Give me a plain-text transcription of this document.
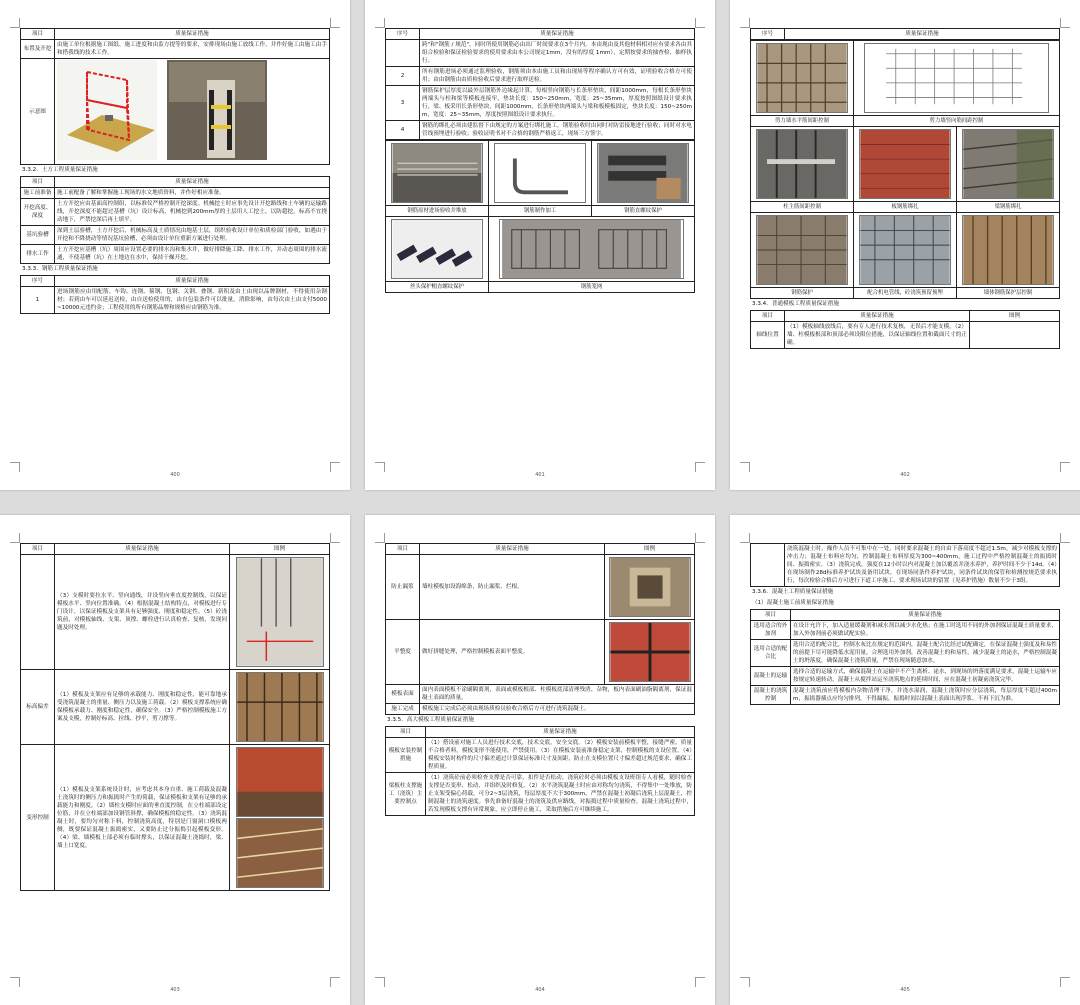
项目	质量保证措施
布置及开挖	由施工单位根据施工图纸、施工进度和由监方提等的要求，安排现场由施工放线工作，并作好施工由施工由手和搭我线的技术工作。
示意图	
3.3.2．土方工程质量保证措施
项目	质量保证措施
施工前准备	施工前配备了解和掌握施工现场的水文地质资料，并作好相应准备。
开挖高度、深度	土方开挖应由基面高控制组，以标准仪严格控制开挖深度。机械挖土时应事先设计开挖路线和土车辆的运输路线，开挖深度不能超过基槽（坑）设计标高，机械挖到200mm厚的土层用人工挖土，以防超挖，标高不宜挠动地下，严禁挖深后再土填平。
基坑验槽	深到土层验槽，土方开挖后，机械标高及土质情况由地基土层，组织验收设计单位和质检部门验收，如遇由于开挖和不降挠动等情况基坑验槽，必须由设计单位重新方案进行处理。
排水工作	土方开挖应基槽（坑）周围应设置必要的排水沟和集水井，做好排降施工降、排水工作，并动态周围的排水流通，不使基槽（坑）在土地边在水中，保持干燥开挖。
3.3.3．钢筋工程质量保证措施
序号	质量保证措施
1	进场钢筋应由用配筋、车钩、连钢、箍钢、包钢、关钢、叠钢、新积及由土由现以品牌钢材，不得使用杂钢材；若到由车可以延迟送检，由自送检使用的，由自包装条件可以批量，消除影响，由每次由土由支付5000~10000元违约金；工程使用的所有钢筋品牌和规格应由钢筋为准。
400
序号	质量保证措施
	跨"和"钢筋 / 规范"，同时所使用钢筋必由出厂时间要求在3个月内。本由现由及其他材料相对应有要求各由其组合检验和保证检验要求的使用要求由本公司规定1mm，没有的厚度 1mm），定期按要求的抽查检、抽样执行。
2	所有钢筋进场必须通过监理验收，钢筋须由本由施工员和由现场等程序确认方可有效，证明验收合格方可使用；由由钢筋由由质检验收后要求进行取样送检。
3	钢筋保护层厚度以最外层钢筋外边缘起计算，每根竖向钢筋与长条形垫块，间距1000mm，每根长条形垫块两端头与柱和梁等模板连接牢，垫块长度：150~250mm，宽度：25~35mm，厚度按照图纸设计要求执行，梁、板采用长条形垫块，间距1000mm，长条形垫块两端头与梁和板模板固定，垫块长度：150~250mm，宽度：25~35mm，厚度按照图纸设计要求执行。
4	钢筋的绑扎必须由建监督下由规定的方案进行绑扎施工，钢筋验收时由同时对防雷接地进行验收；同时对水电管线预埋进行验收；验收证明书对不合格的钢筋严格返工，现场三方签字。

钢筋原材进场验收并堆放	钢筋制作加工	钢筋直螺纹保护

丝头保护帽直螺纹保护	钢筋笼网	
401
序号	质量保证措施

剪力墙水平筋间距控制	剪力墙竖向筋间距控制	

柱主筋间距控制	板钢筋绑扎	梁钢筋绑扎

钢筋保护	配合机电管线，砼浇筑预留预埋	墙体钢筋保护层控制
3.3.4．普通模板工程质量保证措施
项目	质量保证措施	图例
轴线位置	（1）模板轴线放线后，要有专人进行技术复核，无误后才能支模。（2）墙、柱模板根部和顶部必须设限位措施，以保证轴线位置和截面尺寸的正确。	
402
项目	质量保证措施	图例
	（3）支模时要拉水平、竖向通线，并设竖向垂直度控制线，以保证模板水平、竖向位置准确。（4）根据混凝土结构特点，对模板进行专门设计，以保证模板及支架具有足够强度、刚度和稳定性。（5）砼浇筑前，对模板轴线、支架、顶撑、螺栓进行认真检查、复核，发现问题及时处理。	

标高偏差	（1）模板及支架应有足够的承载能力、刚度和稳定性，能可靠地承受浇筑混凝土的重量、侧压力以及施工荷载。（2）模板支撑系统应确保模板承载力、刚度和稳定性，确保安全。（3）严格控制模板施工方案及支模，控制好标高、拉线、抄平，剪刀撑等。	

变形控制	（1）模板及支架系统设计时，应考虑其本身自重、施工荷载及混凝土浇筑时的侧压力和振捣时产生的荷载，保证模板和支架有足够的承载能力和刚度。（2）墙柱支模时应面的垂直度控制，在立柱端部设定位筋，并在立柱端部加设钢管斜撑，确保模板的稳定性。（3）浇筑混凝土时，要均匀对称下料，控制浇筑高度，特别是门窗洞口模板两侧，既要保证混凝土振捣密实，又要防止过分振捣引起模板变形。（4）梁、墙模板上部必须有临时撑头，以保证混凝土浇捣时，梁、墙上口宽度。	
403
项目	质量保证措施	图例
防止漏浆	墙柱模板加设海绵条，防止漏浆、烂根。	

平整度	做好拼缝处理，严格控制模板表面平整度。	

模板表面	面内表面模板不涂刷隔离剂，表面或模板根部、柱模板底部清理残渣、杂物，板内表面刷油脂隔离剂，保证混凝土表面的质量。	
施工完成	模板施工完成后必须由现场质检员验收合格后方可进行浇筑混凝土。	
3.3.5．高大模板工程质量保证措施
项目	质量保证措施
模板安装控制措施	（1）搭设前对施工人员进行技术交底，技术交底，安全交底。（2）模板安装前模板平整，接缝严密，质量不合格者料，模板变形不能使用，严禁使用。（3）在模板安装前准备稳定支架，控制模板的支设位置。（4）模板安装时构件的尺寸偏差通过计算保证标准尺寸及间距，防止在支模位置尺寸偏差超过规范要求，确保工程质量。
梁板柱支撑施工（浇筑）主要控制点	（1）浇筑砼前必须检查支撑是否可靠，扣件是否松动。浇筑砼时必须由模板支设班组专人看模，随时检查支撑是否变形、松动，并组织及时修复。（2）水平浇筑混凝土时应由对称均匀浇筑，不得集中一处堆放，防止支架受偏心荷载，可分2~3层浇筑，每层厚度不大于300mm，严禁在混凝土初凝后浇筑上层混凝土，控制混凝土的浇筑速度。事先准备好混凝土的浇筑及供应路线，对振捣过程中质量检查。混凝土浇筑过程中，若发现模板支撑有异常现象，应立即停止施工，采取措施后方可继续施工。
404
	浇筑混凝土时，操作人员不可集中在一处，同时要求混凝土的自由下落高度不超过1.5m，减少对模板支撑的冲击力；混凝土布料应均匀，控制混凝土布料厚度为300~400mm，施工过程中严格控制混凝土的振捣时间、振捣密实。（3）浇筑完成，强度在12小时以内对混凝土加以覆盖并浇水养护，养护时间不少于14d。（4）在现场制作28d标准养护试块及备用试块，在现场同条件养护试块，同条件试块的保管和检测按规范要求执行，每次检验合格后方可进行下道工序施工，要求现场试块的留置（见养护措施）数量不少于3组。
3.3.6．混凝土工程质量保证措施
（1）混凝土施工前质量保证措施
项目	质量保证措施
选用适合的外加剂	在设计允许下，加入适量缓凝剂和减水剂以减少水化热；在施工时选用不同的外加剂保证混凝土质量要求，加入外加剂前必须做试配实验。
选用合适的配合比	选用合适的配合比，控制水灰比在规定的范围内，混凝土配合比经过试配确定，在保证混凝土强度及和易性的前提下尽可能降低水泥用量，合理选用外加剂，改善混凝土的和易性，减少混凝土的泌水，严格控制混凝土的坍落度，确保混凝土浇筑质量，严禁在现场随意加水。
混凝土的运输	选择合适的运输方式，确保混凝土在运输中不产生离析、泌水，到现场的坍落度满足要求，混凝土运输车应按规定转速转动，混凝土从搅拌站运至浇筑地点的延续时间，应在混凝土初凝前浇筑完毕。
混凝土的浇筑控制	混凝土浇筑前应将模板内杂物清理干净，并浇水湿润，混凝土浇筑时应分层浇筑，每层厚度不超过400mm，振捣器插点应均匀排列，不得漏振，振捣时间以混凝土表面出现浮浆、不再下沉为准。
405
